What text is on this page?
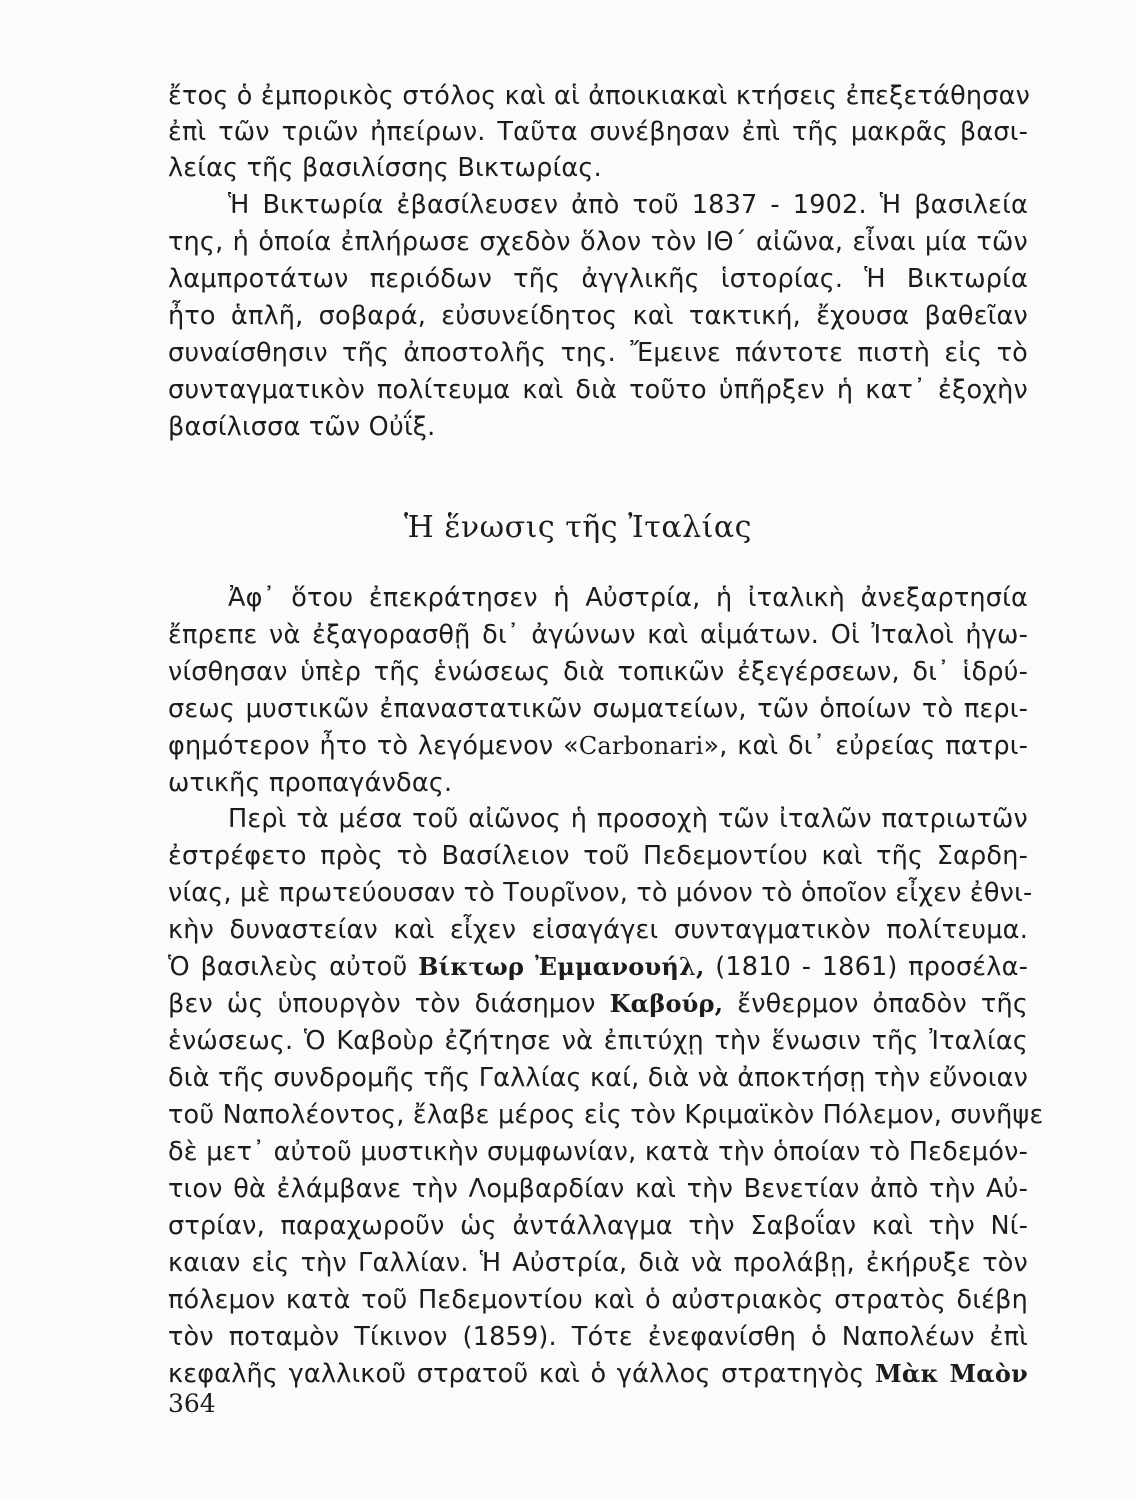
ἔτος ὁ ἐμπορικὸς στόλος καὶ αἱ ἀποικιακαὶ κτήσεις ἐπεξετάθησαν
ἐπὶ τῶν τριῶν ἠπείρων. Ταῦτα συνέβησαν ἐπὶ τῆς μακρᾶς βασι-
λείας τῆς βασιλίσσης Βικτωρίας.
Ἡ Βικτωρία ἐβασίλευσεν ἀπὸ τοῦ 1837 - 1902. Ἡ βασιλεία
της, ἡ ὁποία ἐπλήρωσε σχεδὸν ὅλον τὸν ΙΘ΄ αἰῶνα, εἶναι μία τῶν
λαμπροτάτων περιόδων τῆς ἀγγλικῆς ἱστορίας. Ἡ Βικτωρία
ἦτο ἁπλῆ, σοβαρά, εὐσυνείδητος καὶ τακτική, ἔχουσα βαθεῖαν
συναίσθησιν τῆς ἀποστολῆς της. Ἔμεινε πάντοτε πιστὴ εἰς τὸ
συνταγματικὸν πολίτευμα καὶ διὰ τοῦτο ὑπῆρξεν ἡ κατ᾽ ἐξοχὴν
βασίλισσα τῶν Οὐΐξ.
Ἡ ἕνωσις τῆς Ἰταλίας
Ἀφ᾽ ὅτου ἐπεκράτησεν ἡ Αὐστρία, ἡ ἰταλικὴ ἀνεξαρτησία
ἔπρεπε νὰ ἐξαγορασθῇ δι᾽ ἀγώνων καὶ αἱμάτων. Οἱ Ἰταλοὶ ἠγω-
νίσθησαν ὑπὲρ τῆς ἑνώσεως διὰ τοπικῶν ἐξεγέρσεων, δι᾽ ἱδρύ-
σεως μυστικῶν ἐπαναστατικῶν σωματείων, τῶν ὁποίων τὸ περι-
φημότερον ἦτο τὸ λεγόμενον «Carbonari», καὶ δι᾽ εὐρείας πατρι-
ωτικῆς προπαγάνδας.
Περὶ τὰ μέσα τοῦ αἰῶνος ἡ προσοχὴ τῶν ἰταλῶν πατριωτῶν
ἐστρέφετο πρὸς τὸ Βασίλειον τοῦ Πεδεμοντίου καὶ τῆς Σαρδη-
νίας, μὲ πρωτεύουσαν τὸ Τουρῖνον, τὸ μόνον τὸ ὁποῖον εἶχεν ἐθνι-
κὴν δυναστείαν καὶ εἶχεν εἰσαγάγει συνταγματικὸν πολίτευμα.
Ὁ βασιλεὺς αὐτοῦ Βίκτωρ Ἐμμανουήλ, (1810 - 1861) προσέλα-
βεν ὡς ὑπουργὸν τὸν διάσημον Καβούρ, ἔνθερμον ὀπαδὸν τῆς
ἑνώσεως. Ὁ Καβοὺρ ἐζήτησε νὰ ἐπιτύχῃ τὴν ἕνωσιν τῆς Ἰταλίας
διὰ τῆς συνδρομῆς τῆς Γαλλίας καί, διὰ νὰ ἀποκτήσῃ τὴν εὔνοιαν
τοῦ Ναπολέοντος, ἔλαβε μέρος εἰς τὸν Κριμαϊκὸν Πόλεμον, συνῆψε
δὲ μετ᾽ αὐτοῦ μυστικὴν συμφωνίαν, κατὰ τὴν ὁποίαν τὸ Πεδεμόν-
τιον θὰ ἐλάμβανε τὴν Λομβαρδίαν καὶ τὴν Βενετίαν ἀπὸ τὴν Αὐ-
στρίαν, παραχωροῦν ὡς ἀντάλλαγμα τὴν Σαβοΐαν καὶ τὴν Νί-
καιαν εἰς τὴν Γαλλίαν. Ἡ Αὐστρία, διὰ νὰ προλάβῃ, ἐκήρυξε τὸν
πόλεμον κατὰ τοῦ Πεδεμοντίου καὶ ὁ αὐστριακὸς στρατὸς διέβη
τὸν ποταμὸν Τίκινον (1859). Τότε ἐνεφανίσθη ὁ Ναπολέων ἐπὶ
κεφαλῆς γαλλικοῦ στρατοῦ καὶ ὁ γάλλος στρατηγὸς Μὰκ Μαὸν
364
